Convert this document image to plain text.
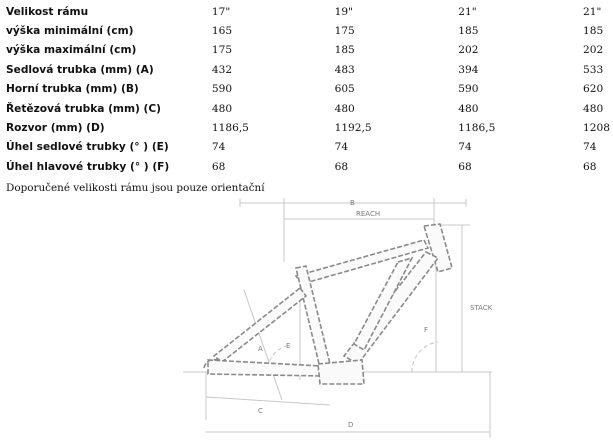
Velikost rámu	17"	19"	21"	21"
výška minimální (cm)	165	175	185	185
výška maximální (cm)	175	185	202	202
Sedlová trubka (mm) (A)	432	483	394	533
Horní trubka (mm) (B)	590	605	590	620
Řetězová trubka (mm) (C)	480	480	480	480
Rozvor (mm) (D)	1186,5	1192,5	1186,5	1208
Úhel sedlové trubky (° ) (E)	74	74	74	74
Úhel hlavové trubky (° ) (F)	68	68	68	68
Doporučené velikosti rámu jsou pouze orientační
B
REACH
STACK
F
A	E
C
D
